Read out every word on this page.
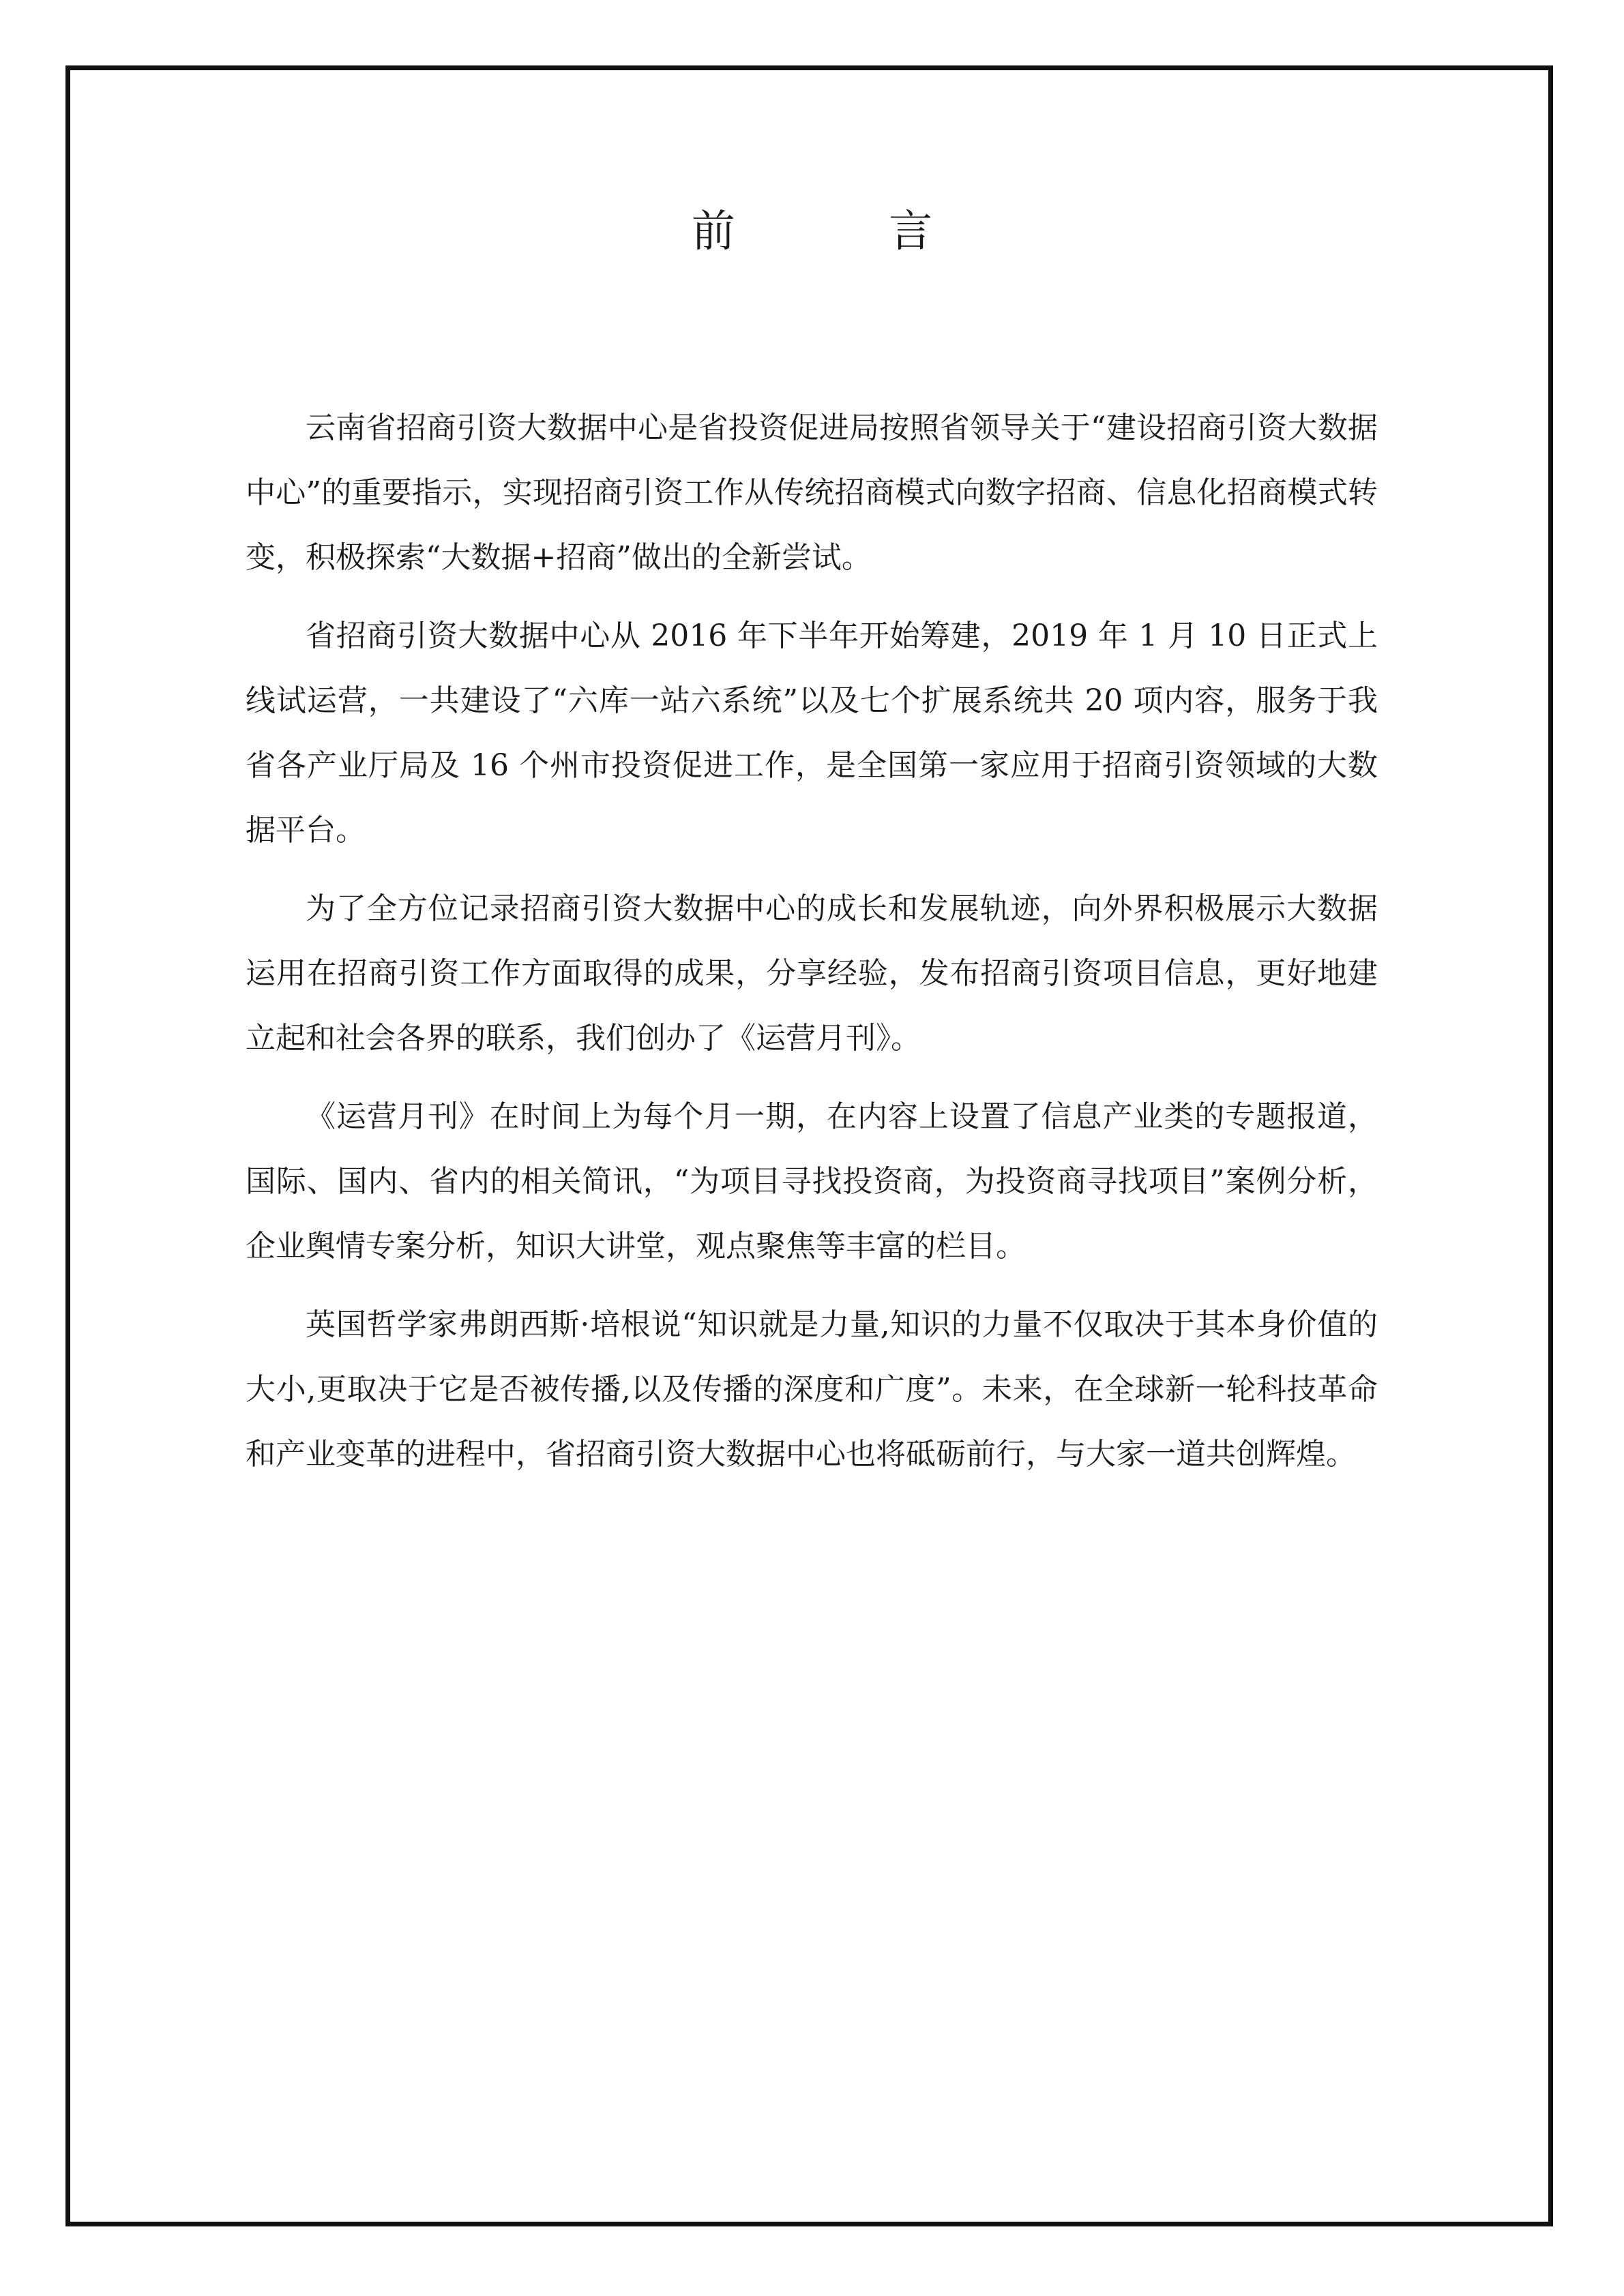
前 言

云南省招商引资大数据中心是省投资促进局按照省领导关于“建设招商引资大数据中心”的重要指示，实现招商引资工作从传统招商模式向数字招商、信息化招商模式转变，积极探索“大数据+招商”做出的全新尝试。

省招商引资大数据中心从 2016 年下半年开始筹建，2019 年 1 月 10 日正式上线试运营，一共建设了“六库一站六系统”以及七个扩展系统共 20 项内容，服务于我省各产业厅局及 16 个州市投资促进工作，是全国第一家应用于招商引资领域的大数据平台。

为了全方位记录招商引资大数据中心的成长和发展轨迹，向外界积极展示大数据运用在招商引资工作方面取得的成果，分享经验，发布招商引资项目信息，更好地建立起和社会各界的联系，我们创办了《运营月刊》。

《运营月刊》在时间上为每个月一期，在内容上设置了信息产业类的专题报道，国际、国内、省内的相关简讯，“为项目寻找投资商，为投资商寻找项目”案例分析，企业舆情专案分析，知识大讲堂，观点聚焦等丰富的栏目。

英国哲学家弗朗西斯·培根说“知识就是力量,知识的力量不仅取决于其本身价值的大小,更取决于它是否被传播,以及传播的深度和广度”。未来，在全球新一轮科技革命和产业变革的进程中，省招商引资大数据中心也将砥砺前行，与大家一道共创辉煌。
